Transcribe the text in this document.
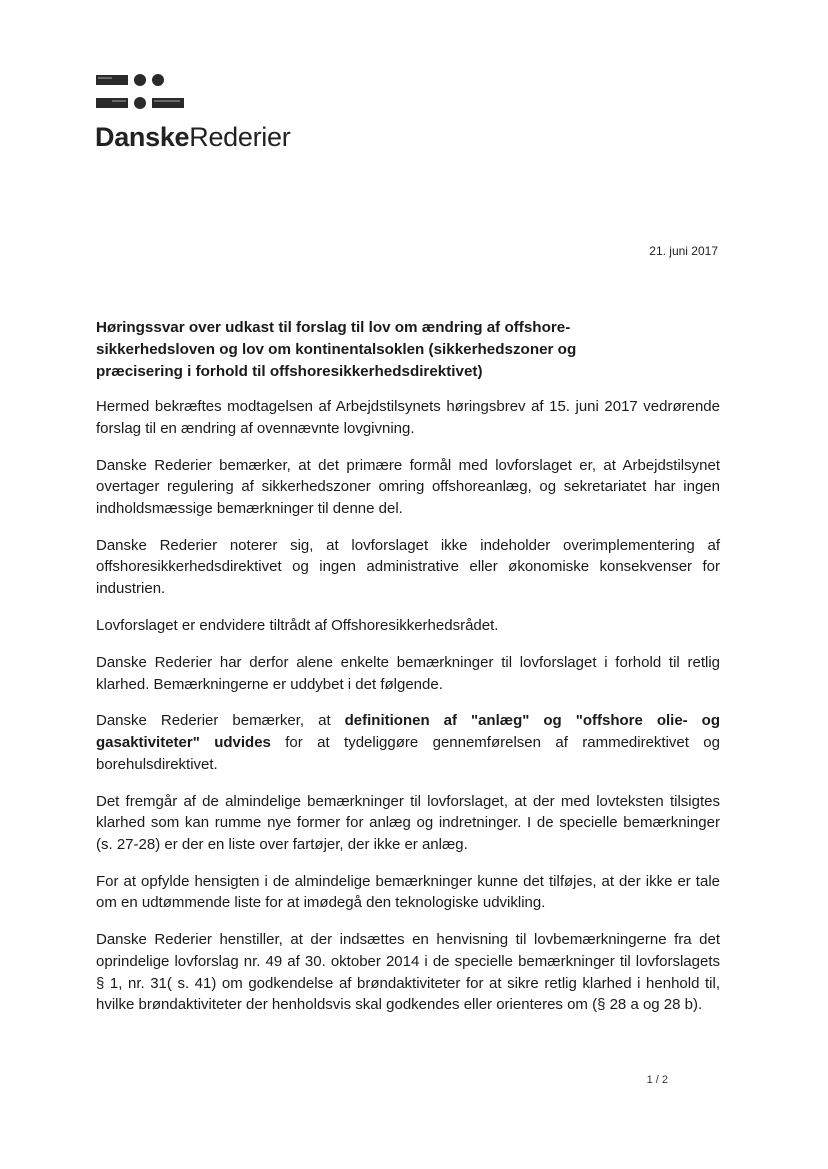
DanskeRederier
21. juni 2017
Høringssvar over udkast til forslag til lov om ændring af offshore-sikkerhedsloven og lov om kontinentalsoklen (sikkerhedszoner og præcisering i forhold til offshoresikkerhedsdirektivet)

Hermed bekræftes modtagelsen af Arbejdstilsynets høringsbrev af 15. juni 2017 vedrørende forslag til en ændring af ovennævnte lovgivning.

Danske Rederier bemærker, at det primære formål med lovforslaget er, at Arbejdstilsynet overtager regulering af sikkerhedszoner omring offshoreanlæg, og sekretariatet har ingen indholdsmæssige bemærkninger til denne del.

Danske Rederier noterer sig, at lovforslaget ikke indeholder overimplementering af offshoresikkerhedsdirektivet og ingen administrative eller økonomiske konsekvenser for industrien.

Lovforslaget er endvidere tiltrådt af Offshoresikkerhedsrådet.

Danske Rederier har derfor alene enkelte bemærkninger til lovforslaget i forhold til retlig klarhed. Bemærkningerne er uddybet i det følgende.

Danske Rederier bemærker, at definitionen af "anlæg" og "offshore olie- og gasaktiviteter" udvides for at tydeliggøre gennemførelsen af rammedirektivet og borehulsdirektivet.

Det fremgår af de almindelige bemærkninger til lovforslaget, at der med lovteksten tilsigtes klarhed som kan rumme nye former for anlæg og indretninger. I de specielle bemærkninger (s. 27-28) er der en liste over fartøjer, der ikke er anlæg.

For at opfylde hensigten i de almindelige bemærkninger kunne det tilføjes, at der ikke er tale om en udtømmende liste for at imødegå den teknologiske udvikling.

Danske Rederier henstiller, at der indsættes en henvisning til lovbemærkningerne fra det oprindelige lovforslag nr. 49 af 30. oktober 2014 i de specielle bemærkninger til lovforslagets § 1, nr. 31( s. 41) om godkendelse af brøndaktiviteter for at sikre retlig klarhed i henhold til, hvilke brøndaktiviteter der henholdsvis skal godkendes eller orienteres om (§ 28 a og 28 b).

1 / 2
